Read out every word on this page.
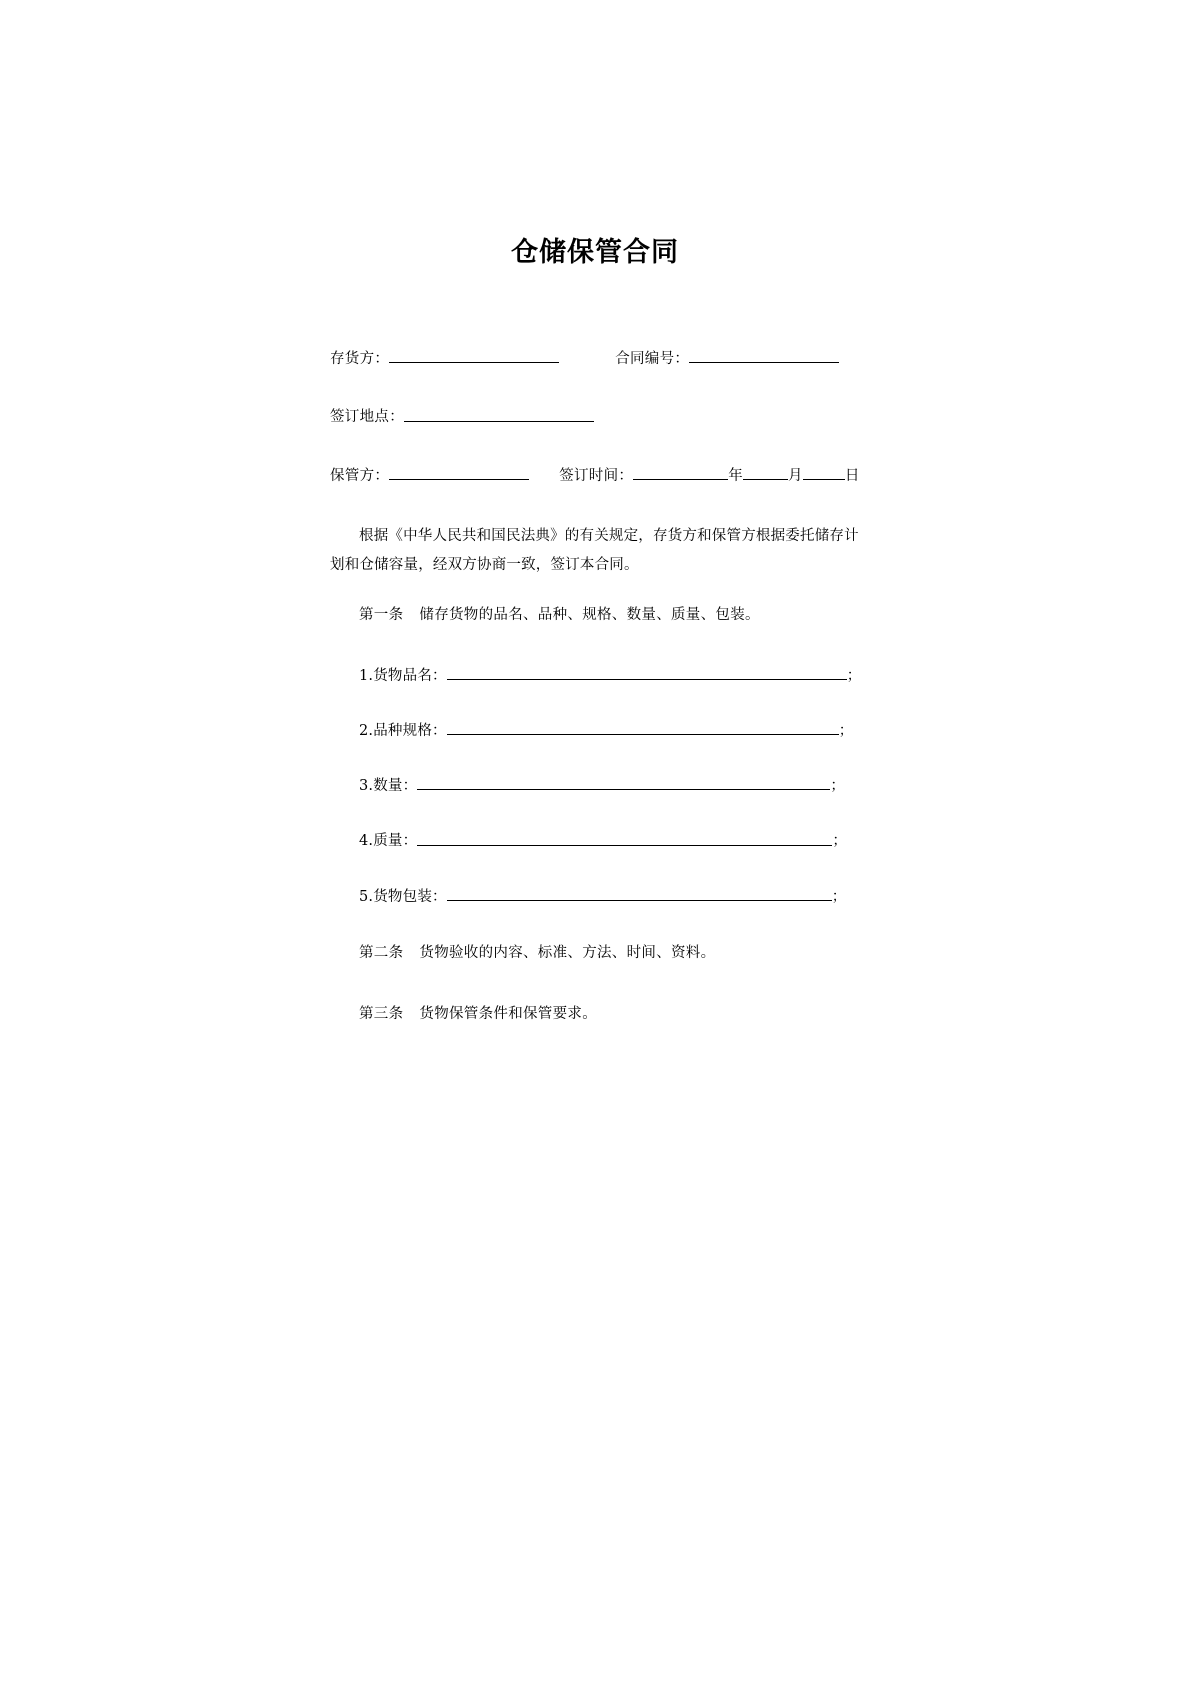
仓储保管合同
存货方：	合同编号：
签订地点：
保管方：	签订时间：	年	月	日

根据《中华人民共和国民法典》的有关规定，存货方和保管方根据委托储存计划和仓储容量，经双方协商一致，签订本合同。

第一条 储存货物的品名、品种、规格、数量、质量、包装。

1.货物品名：	；
2.品种规格：	；
3.数量：	；
4.质量：	；
5.货物包装：	；

第二条 货物验收的内容、标准、方法、时间、资料。

第三条 货物保管条件和保管要求。
